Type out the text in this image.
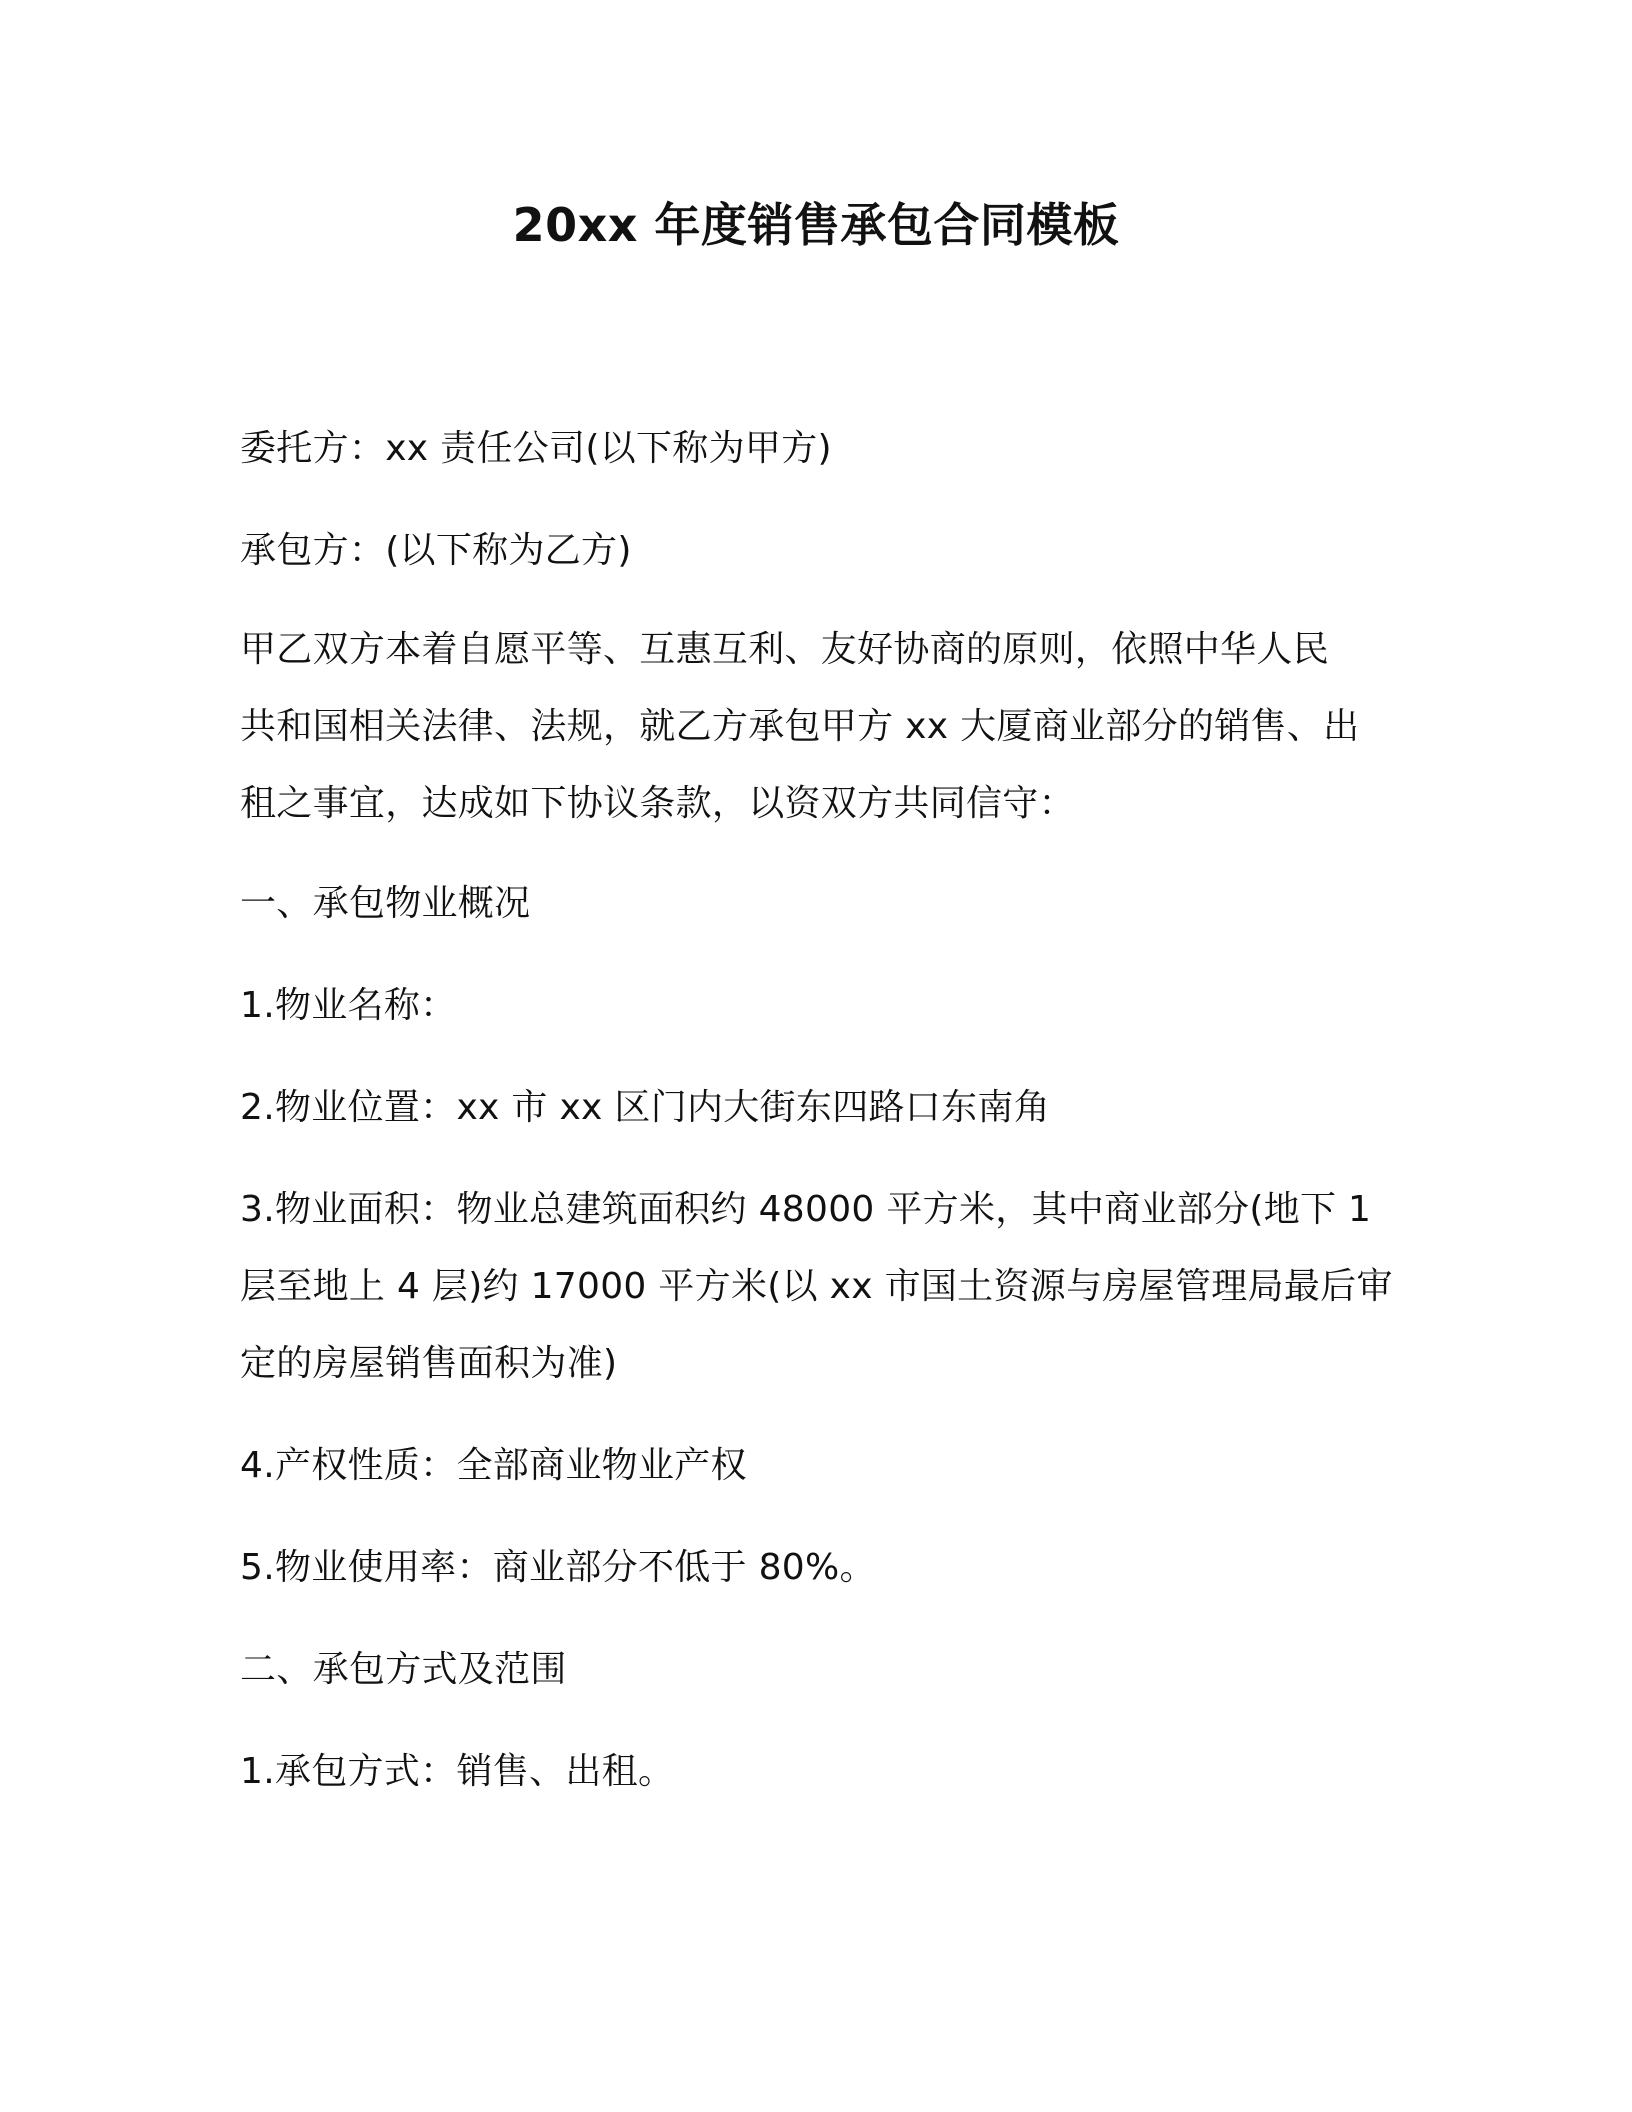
20xx 年度销售承包合同模板
委托方：xx 责任公司(以下称为甲方)
承包方：(以下称为乙方)
甲乙双方本着自愿平等、互惠互利、友好协商的原则，依照中华人民
共和国相关法律、法规，就乙方承包甲方 xx 大厦商业部分的销售、出
租之事宜，达成如下协议条款，以资双方共同信守：
一、承包物业概况
1.物业名称：
2.物业位置：xx 市 xx 区门内大街东四路口东南角
3.物业面积：物业总建筑面积约 48000 平方米，其中商业部分(地下 1
层至地上 4 层)约 17000 平方米(以 xx 市国土资源与房屋管理局最后审
定的房屋销售面积为准)
4.产权性质：全部商业物业产权
5.物业使用率：商业部分不低于 80%。
二、承包方式及范围
1.承包方式：销售、出租。
